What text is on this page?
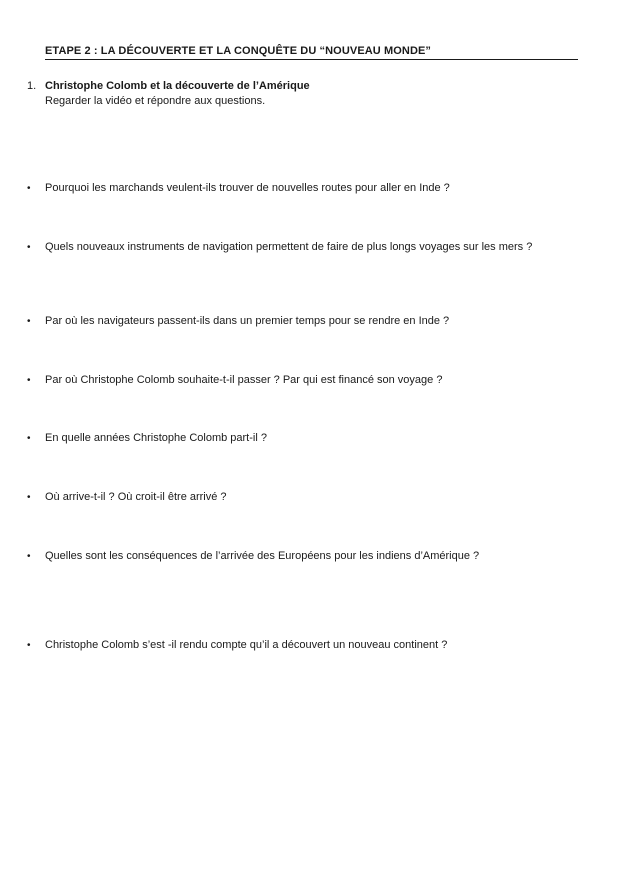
ETAPE 2 : LA DÉCOUVERTE ET LA CONQUÊTE DU “NOUVEAU MONDE”
1. Christophe Colomb et la découverte de l’Amérique
Regarder la vidéo et répondre aux questions.
• Pourquoi les marchands veulent-ils trouver de nouvelles routes pour aller en Inde ?
• Quels nouveaux instruments de navigation permettent de faire de plus longs voyages sur les mers ?
• Par où les navigateurs passent-ils dans un premier temps pour se rendre en Inde ?
• Par où Christophe Colomb souhaite-t-il passer ? Par qui est financé son voyage ?
• En quelle années Christophe Colomb part-il ?
• Où arrive-t-il ? Où croit-il être arrivé ?
• Quelles sont les conséquences de l’arrivée des Européens pour les indiens d’Amérique ?
• Christophe Colomb s’est -il rendu compte qu’il a découvert un nouveau continent ?
